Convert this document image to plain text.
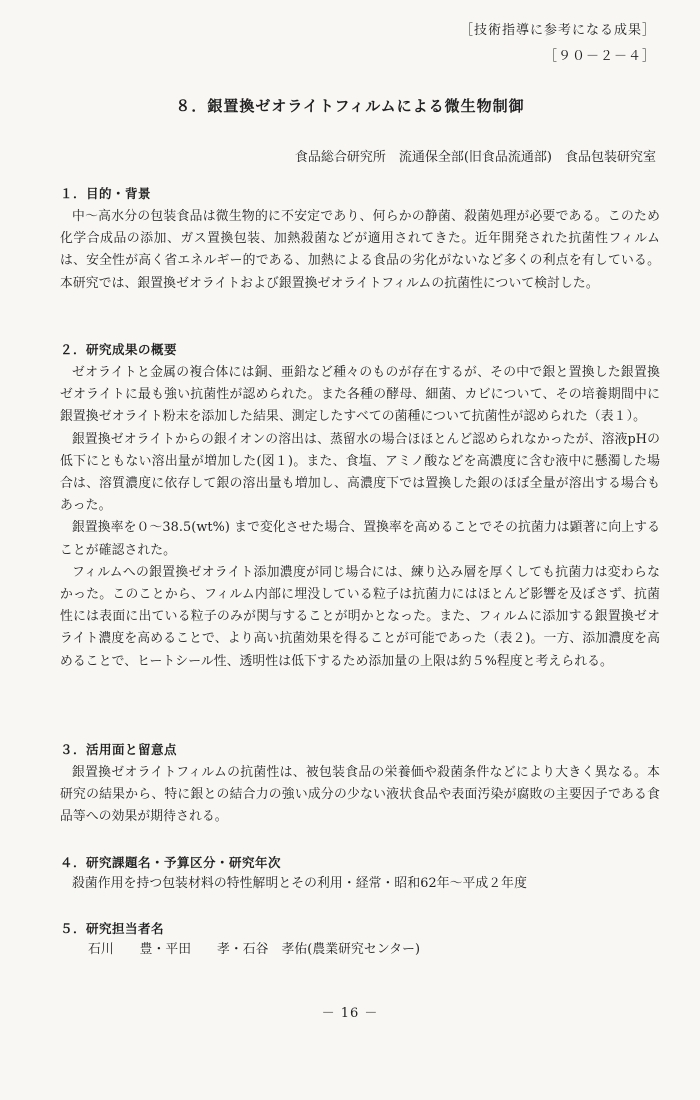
［技術指導に参考になる成果］
［９０－２－４］
８．銀置換ゼオライトフィルムによる微生物制御
食品総合研究所　流通保全部(旧食品流通部)　食品包装研究室

１．目的・背景

中～高水分の包装食品は微生物的に不安定であり、何らかの静菌、殺菌処理が必要である。このため化学合成品の添加、ガス置換包装、加熱殺菌などが適用されてきた。近年開発された抗菌性フィルムは、安全性が高く省エネルギー的である、加熱による食品の劣化がないなど多くの利点を有している。本研究では、銀置換ゼオライトおよび銀置換ゼオライトフィルムの抗菌性について検討した。

２．研究成果の概要

ゼオライトと金属の複合体には銅、亜鉛など種々のものが存在するが、その中で銀と置換した銀置換ゼオライトに最も強い抗菌性が認められた。また各種の酵母、細菌、カビについて、その培養期間中に銀置換ゼオライト粉末を添加した結果、測定したすべての菌種について抗菌性が認められた（表１）。

銀置換ゼオライトからの銀イオンの溶出は、蒸留水の場合ほほとんど認められなかったが、溶液pHの低下にともない溶出量が増加した(図１)。また、食塩、アミノ酸などを高濃度に含む液中に懸濁した場合は、溶質濃度に依存して銀の溶出量も増加し、高濃度下では置換した銀のほぼ全量が溶出する場合もあった。

銀置換率を０～38.5(wt%) まで変化させた場合、置換率を高めることでその抗菌力は顕著に向上することが確認された。

フィルムへの銀置換ゼオライト添加濃度が同じ場合には、練り込み層を厚くしても抗菌力は変わらなかった。このことから、フィルム内部に埋没している粒子は抗菌力にはほとんど影響を及ぼさず、抗菌性には表面に出ている粒子のみが関与することが明かとなった。また、フィルムに添加する銀置換ゼオライト濃度を高めることで、より高い抗菌効果を得ることが可能であった（表２)。一方、添加濃度を高めることで、ヒートシール性、透明性は低下するため添加量の上限は約５%程度と考えられる。

３．活用面と留意点

銀置換ゼオライトフィルムの抗菌性は、被包装食品の栄養価や殺菌条件などにより大きく異なる。本研究の結果から、特に銀との結合力の強い成分の少ない液状食品や表面汚染が腐敗の主要因子である食品等への効果が期待される。

４．研究課題名・予算区分・研究年次

殺菌作用を持つ包装材料の特性解明とその利用・経常・昭和62年～平成２年度

５．研究担当者名

石川　　豊・平田　　孝・石谷　孝佑(農業研究センター)

－ 16 －
